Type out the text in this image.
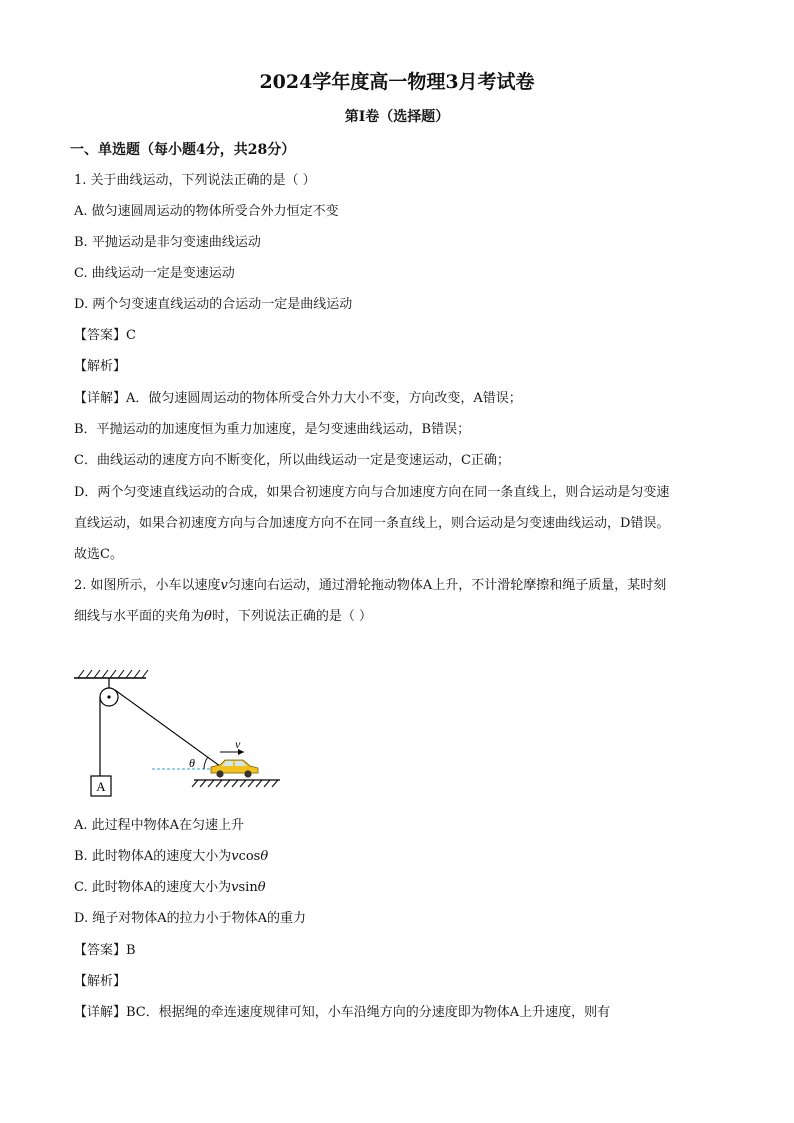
2024学年度高一物理3月考试卷
第Ⅰ卷（选择题）
一、单选题（每小题4分，共28分）
1. 关于曲线运动，下列说法正确的是（ ）
A. 做匀速圆周运动的物体所受合外力恒定不变
B. 平抛运动是非匀变速曲线运动
C. 曲线运动一定是变速运动
D. 两个匀变速直线运动的合运动一定是曲线运动
【答案】C
【解析】
【详解】A．做匀速圆周运动的物体所受合外力大小不变，方向改变，A错误；
B．平抛运动的加速度恒为重力加速度，是匀变速曲线运动，B错误；
C．曲线运动的速度方向不断变化，所以曲线运动一定是变速运动，C正确；
D．两个匀变速直线运动的合成，如果合初速度方向与合加速度方向在同一条直线上，则合运动是匀变速
直线运动，如果合初速度方向与合加速度方向不在同一条直线上，则合运动是匀变速曲线运动，D错误。
故选C。
2. 如图所示，小车以速度v匀速向右运动，通过滑轮拖动物体A上升，不计滑轮摩擦和绳子质量，某时刻
细线与水平面的夹角为θ时，下列说法正确的是（ ）
A
θ
v
A. 此过程中物体A在匀速上升
B. 此时物体A的速度大小为vcosθ
C. 此时物体A的速度大小为vsinθ
D. 绳子对物体A的拉力小于物体A的重力
【答案】B
【解析】
【详解】BC．根据绳的牵连速度规律可知，小车沿绳方向的分速度即为物体A上升速度，则有
